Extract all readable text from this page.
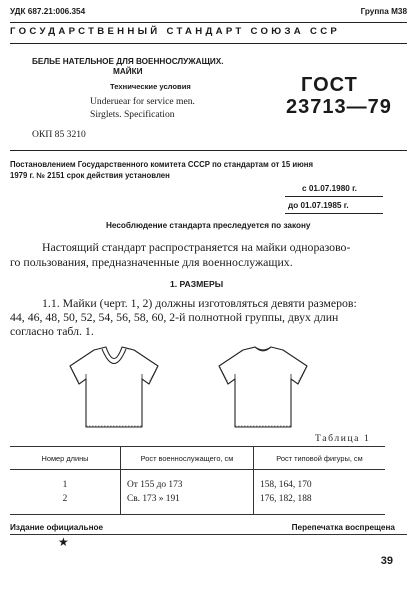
УДК 687.21:006.354	Группа М38
ГОСУДАРСТВЕННЫЙ СТАНДАРТ СОЮЗА ССР
БЕЛЬЕ НАТЕЛЬНОЕ ДЛЯ ВОЕННОСЛУЖАЩИХ.
МАЙКИ
Технические условия
Underuear for service men.
Sirglets. Specification
ОКП 85 3210
ГОСТ
23713—79
Постановлением Государственного комитета СССР по стандартам от 15 июня
1979 г. № 2151 срок действия установлен
с 01.07.1980 г.
до 01.07.1985 г.
Несоблюдение стандарта преследуется по закону
Настоящий стандарт распространяется на майки одноразово-
го пользования, предназначенные для военнослужащих.
1. РАЗМЕРЫ
1.1. Майки (черт. 1, 2) должны изготовляться девяти размеров:
44, 46, 48, 50, 52, 54, 56, 58, 60, 2-й полнотной группы, двух длин
согласно табл. 1.
Таблица 1
Номер длины	Рост военнослужащего, см	Рост типовой фигуры, см

1	От 155 до 173	158, 164, 170
2	Св. 173 » 191	176, 182, 188

Издание официальное	Перепечатка воспрещена
★
39
